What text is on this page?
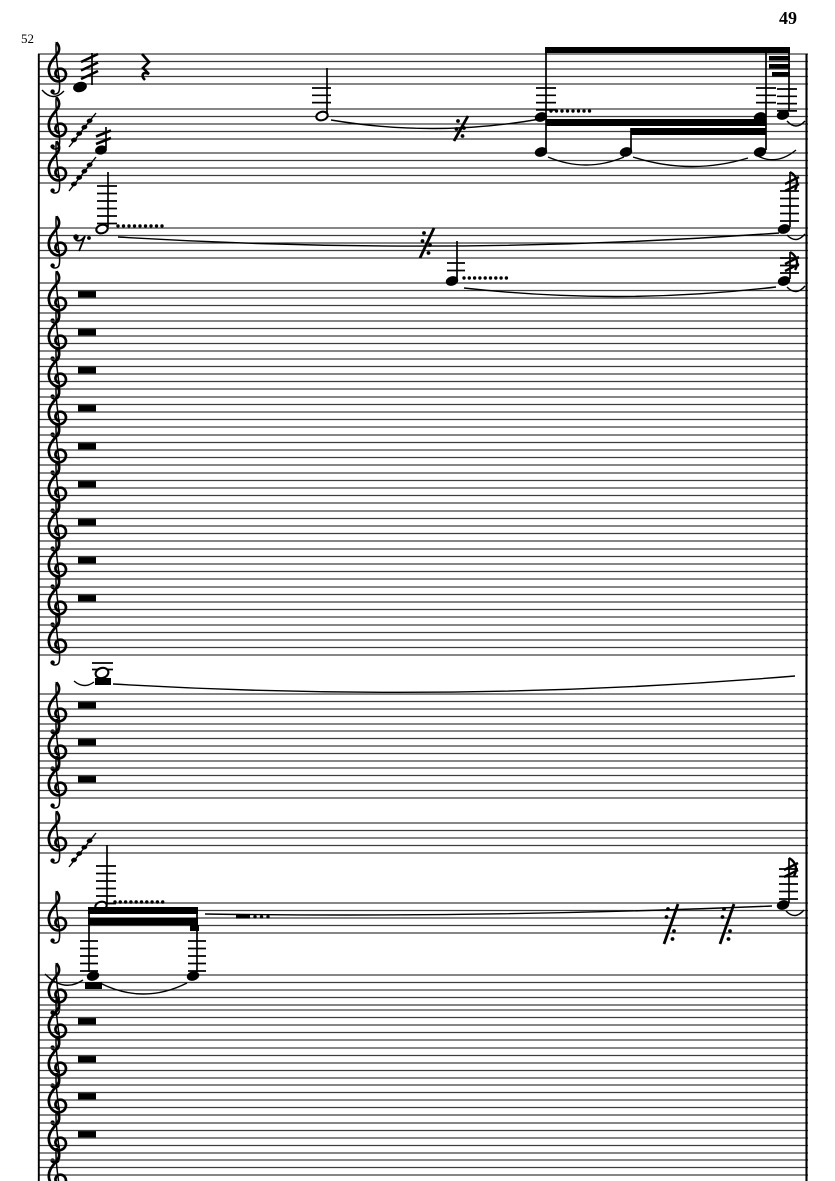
49
52
